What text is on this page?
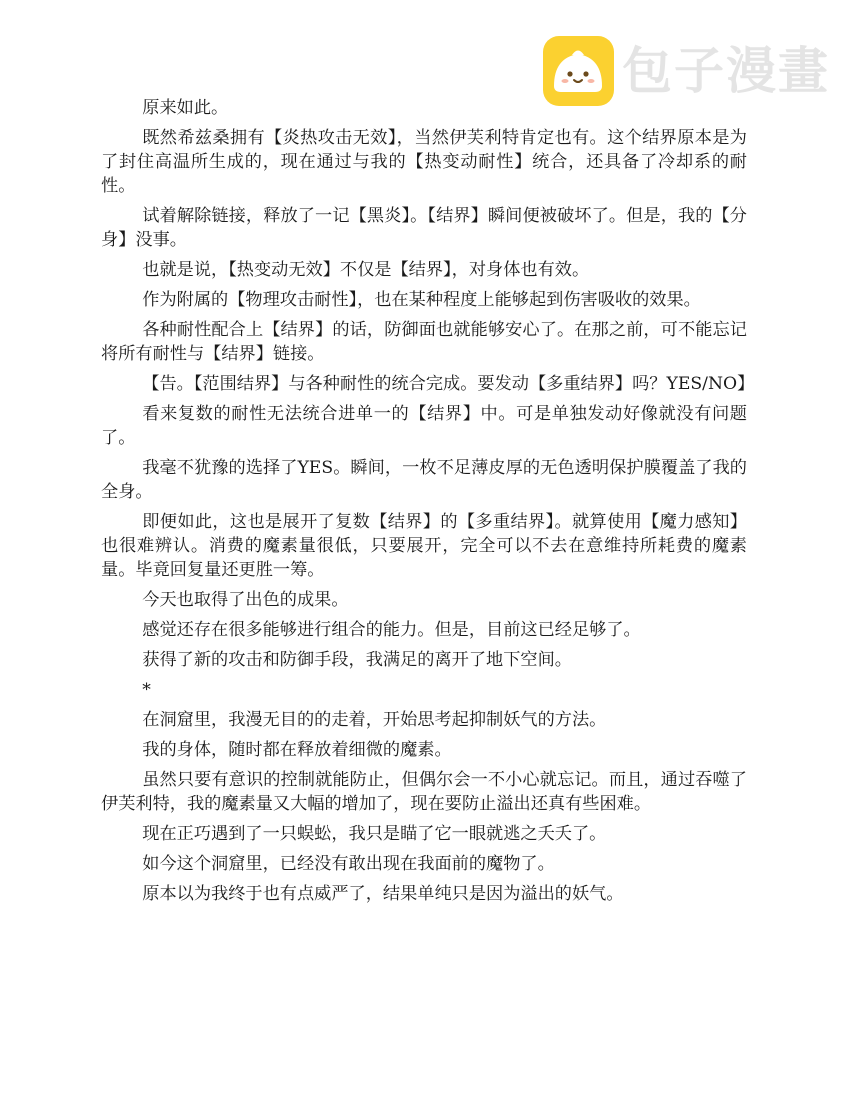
包子漫畫

原来如此。

既然希兹桑拥有【炎热攻击无效】，当然伊芙利特肯定也有。这个结界原本是为了封住高温所生成的，现在通过与我的【热变动耐性】统合，还具备了冷却系的耐性。

试着解除链接，释放了一记【黑炎】。【结界】瞬间便被破坏了。但是，我的【分身】没事。

也就是说，【热变动无效】不仅是【结界】，对身体也有效。

作为附属的【物理攻击耐性】，也在某种程度上能够起到伤害吸收的效果。

各种耐性配合上【结界】的话，防御面也就能够安心了。在那之前，可不能忘记将所有耐性与【结界】链接。

【告。【范围结界】与各种耐性的统合完成。要发动【多重结界】吗？YES/NO】

看来复数的耐性无法统合进单一的【结界】中。可是单独发动好像就没有问题了。

我毫不犹豫的选择了YES。瞬间，一枚不足薄皮厚的无色透明保护膜覆盖了我的全身。

即便如此，这也是展开了复数【结界】的【多重结界】。就算使用【魔力感知】也很难辨认。消费的魔素量很低，只要展开，完全可以不去在意维持所耗费的魔素量。毕竟回复量还更胜一筹。

今天也取得了出色的成果。

感觉还存在很多能够进行组合的能力。但是，目前这已经足够了。

获得了新的攻击和防御手段，我满足的离开了地下空间。

*

在洞窟里，我漫无目的的走着，开始思考起抑制妖气的方法。

我的身体，随时都在释放着细微的魔素。

虽然只要有意识的控制就能防止，但偶尔会一不小心就忘记。而且，通过吞噬了伊芙利特，我的魔素量又大幅的增加了，现在要防止溢出还真有些困难。

现在正巧遇到了一只蜈蚣，我只是瞄了它一眼就逃之夭夭了。

如今这个洞窟里，已经没有敢出现在我面前的魔物了。

原本以为我终于也有点威严了，结果单纯只是因为溢出的妖气。
